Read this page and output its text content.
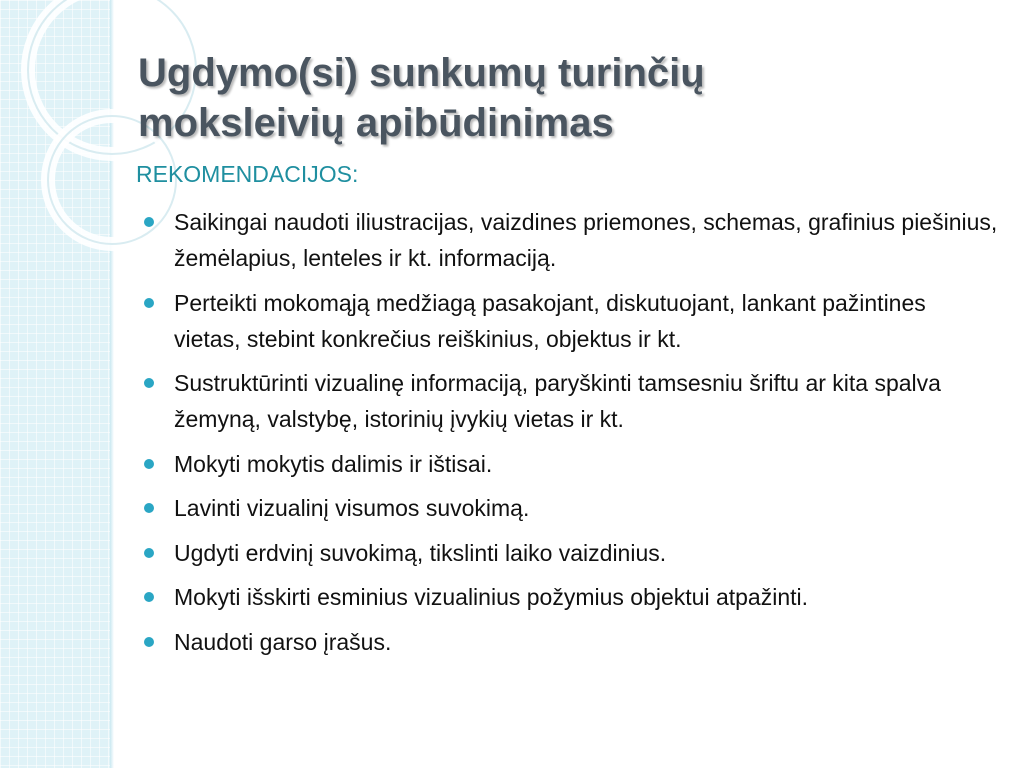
Ugdymo(si) sunkumų turinčių
moksleivių apibūdinimas
REKOMENDACIJOS:
Saikingai naudoti iliustracijas, vaizdines priemones, schemas, grafinius piešinius, žemėlapius, lenteles ir kt. informaciją.
Perteikti mokomąją medžiagą pasakojant, diskutuojant, lankant pažintines vietas, stebint konkrečius reiškinius, objektus ir kt.
Sustruktūrinti vizualinę informaciją, paryškinti tamsesniu šriftu ar kita spalva žemyną, valstybę, istorinių įvykių vietas ir kt.
Mokyti mokytis dalimis ir ištisai.
Lavinti vizualinį visumos suvokimą.
Ugdyti erdvinį suvokimą, tikslinti laiko vaizdinius.
Mokyti išskirti esminius vizualinius požymius objektui atpažinti.
Naudoti garso įrašus.
